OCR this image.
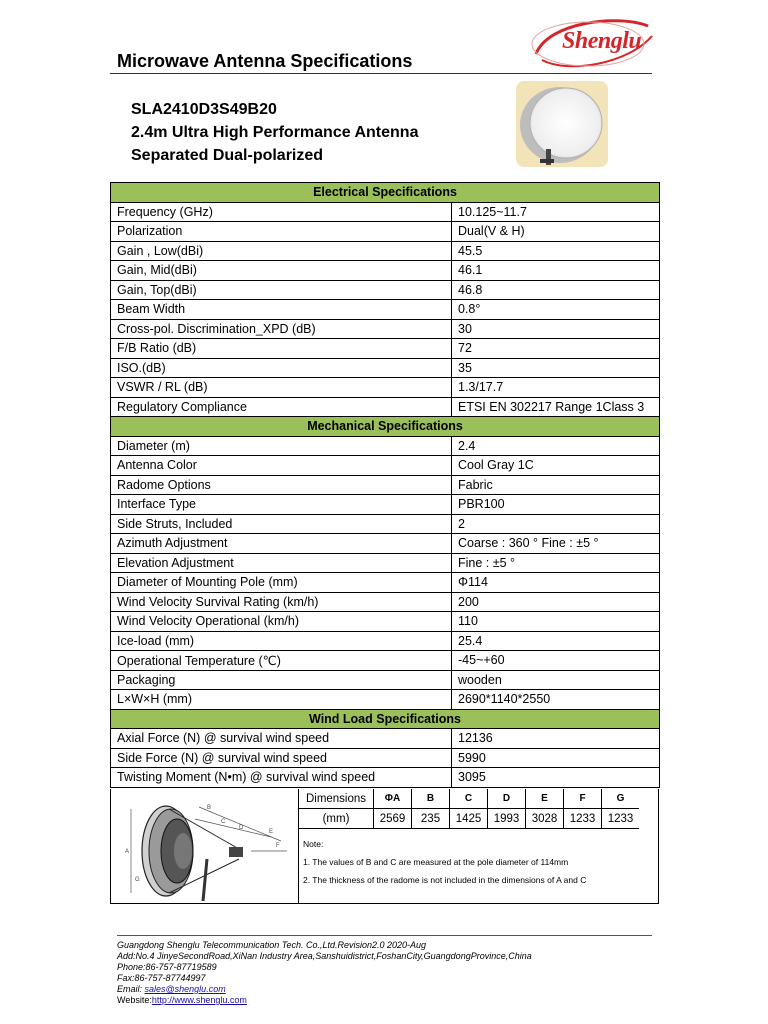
Microwave Antenna Specifications
Shenglu
SLA2410D3S49B20
2.4m Ultra High Performance Antenna
Separated Dual-polarized
Electrical Specifications	
Frequency (GHz)	10.125~11.7
Polarization	Dual(V & H)
Gain , Low(dBi)	45.5
Gain, Mid(dBi)	46.1
Gain, Top(dBi)	46.8
Beam Width	0.8°
Cross-pol. Discrimination_XPD (dB)	30
F/B Ratio (dB)	72
ISO.(dB)	35
VSWR / RL (dB)	1.3/17.7
Regulatory Compliance	ETSI EN 302217 Range 1Class 3
Mechanical Specifications	
Diameter (m)	2.4
Antenna Color	Cool Gray 1C
Radome Options	Fabric
Interface Type	PBR100
Side Struts, Included	2
Azimuth Adjustment	Coarse : 360 ° Fine : ±5 °
Elevation Adjustment	Fine : ±5 °
Diameter of Mounting Pole (mm)	Φ114
Wind Velocity Survival Rating (km/h)	200
Wind Velocity Operational (km/h)	110
Ice-load (mm)	25.4
Operational Temperature (℃)	-45~+60
Packaging	wooden
L×W×H (mm)	2690*1140*2550
Wind Load Specifications	
Axial Force (N) @ survival wind speed	12136
Side Force (N) @ survival wind speed	5990
Twisting Moment (N•m) @ survival wind speed	3095
A
B
C
D
E
F
G
Dimensions	ΦA	B	C	D	E	F	G
(mm)	2569	235	1425	1993	3028	1233	1233
Note:
1. The values of B and C are measured at the pole diameter of 114mm
2. The thickness of the radome is not included in the dimensions of A and C
Guangdong Shenglu Telecommunication Tech. Co.,Ltd.Revision2.0 2020-Aug
Add:No.4 JinyeSecondRoad,XiNan Industry Area,Sanshuidistrict,FoshanCity,GuangdongProvince,China
Phone:86-757-87719589
Fax:86-757-87744997
Email: sales@shenglu.com
Website:http://www.shenglu.com
